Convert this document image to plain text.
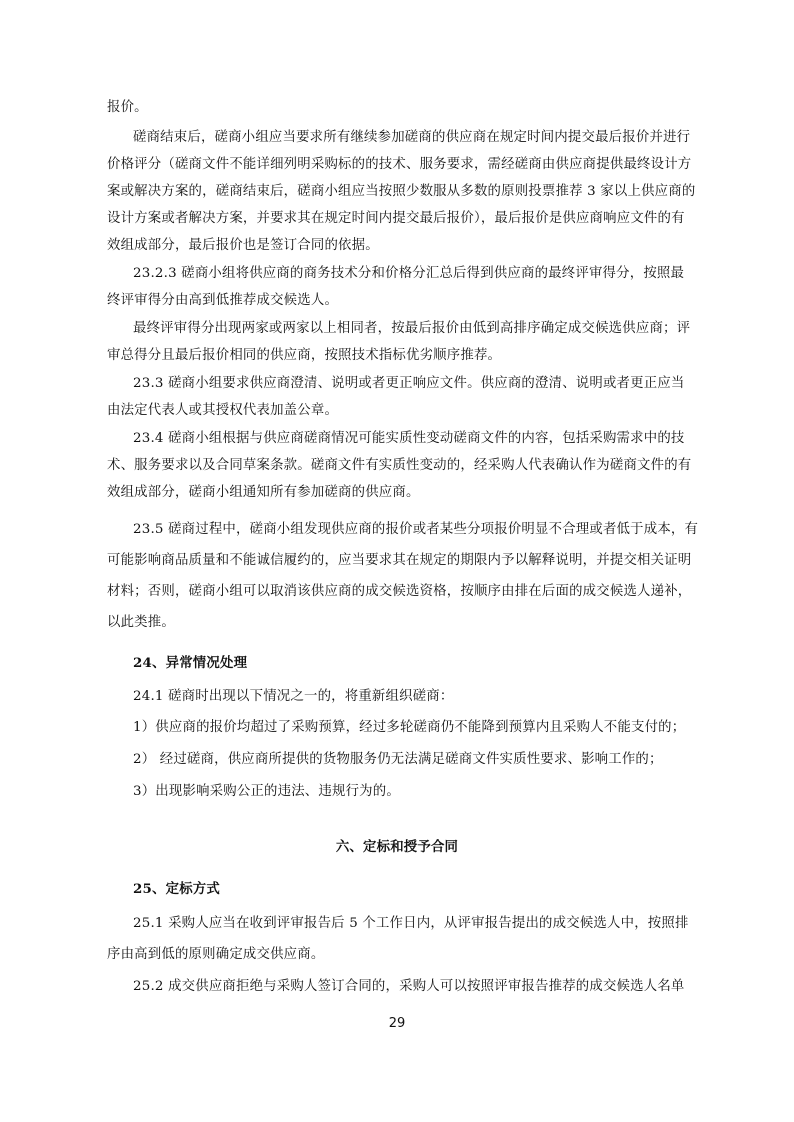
报价。
磋商结束后，磋商小组应当要求所有继续参加磋商的供应商在规定时间内提交最后报价并进行
价格评分（磋商文件不能详细列明采购标的的技术、服务要求，需经磋商由供应商提供最终设计方
案或解决方案的，磋商结束后，磋商小组应当按照少数服从多数的原则投票推荐 3 家以上供应商的
设计方案或者解决方案，并要求其在规定时间内提交最后报价），最后报价是供应商响应文件的有
效组成部分，最后报价也是签订合同的依据。
23.2.3 磋商小组将供应商的商务技术分和价格分汇总后得到供应商的最终评审得分，按照最
终评审得分由高到低推荐成交候选人。
最终评审得分出现两家或两家以上相同者，按最后报价由低到高排序确定成交候选供应商；评
审总得分且最后报价相同的供应商，按照技术指标优劣顺序推荐。
23.3 磋商小组要求供应商澄清、说明或者更正响应文件。供应商的澄清、说明或者更正应当
由法定代表人或其授权代表加盖公章。
23.4 磋商小组根据与供应商磋商情况可能实质性变动磋商文件的内容，包括采购需求中的技
术、服务要求以及合同草案条款。磋商文件有实质性变动的，经采购人代表确认作为磋商文件的有
效组成部分，磋商小组通知所有参加磋商的供应商。
23.5 磋商过程中，磋商小组发现供应商的报价或者某些分项报价明显不合理或者低于成本，有
可能影响商品质量和不能诚信履约的，应当要求其在规定的期限内予以解释说明，并提交相关证明
材料；否则，磋商小组可以取消该供应商的成交候选资格，按顺序由排在后面的成交候选人递补，
以此类推。
24、异常情况处理
24.1 磋商时出现以下情况之一的，将重新组织磋商：
1）供应商的报价均超过了采购预算，经过多轮磋商仍不能降到预算内且采购人不能支付的；
2） 经过磋商，供应商所提供的货物服务仍无法满足磋商文件实质性要求、影响工作的；
3）出现影响采购公正的违法、违规行为的。
六、定标和授予合同
25、定标方式
25.1 采购人应当在收到评审报告后 5 个工作日内，从评审报告提出的成交候选人中，按照排
序由高到低的原则确定成交供应商。
25.2 成交供应商拒绝与采购人签订合同的，采购人可以按照评审报告推荐的成交候选人名单
29
